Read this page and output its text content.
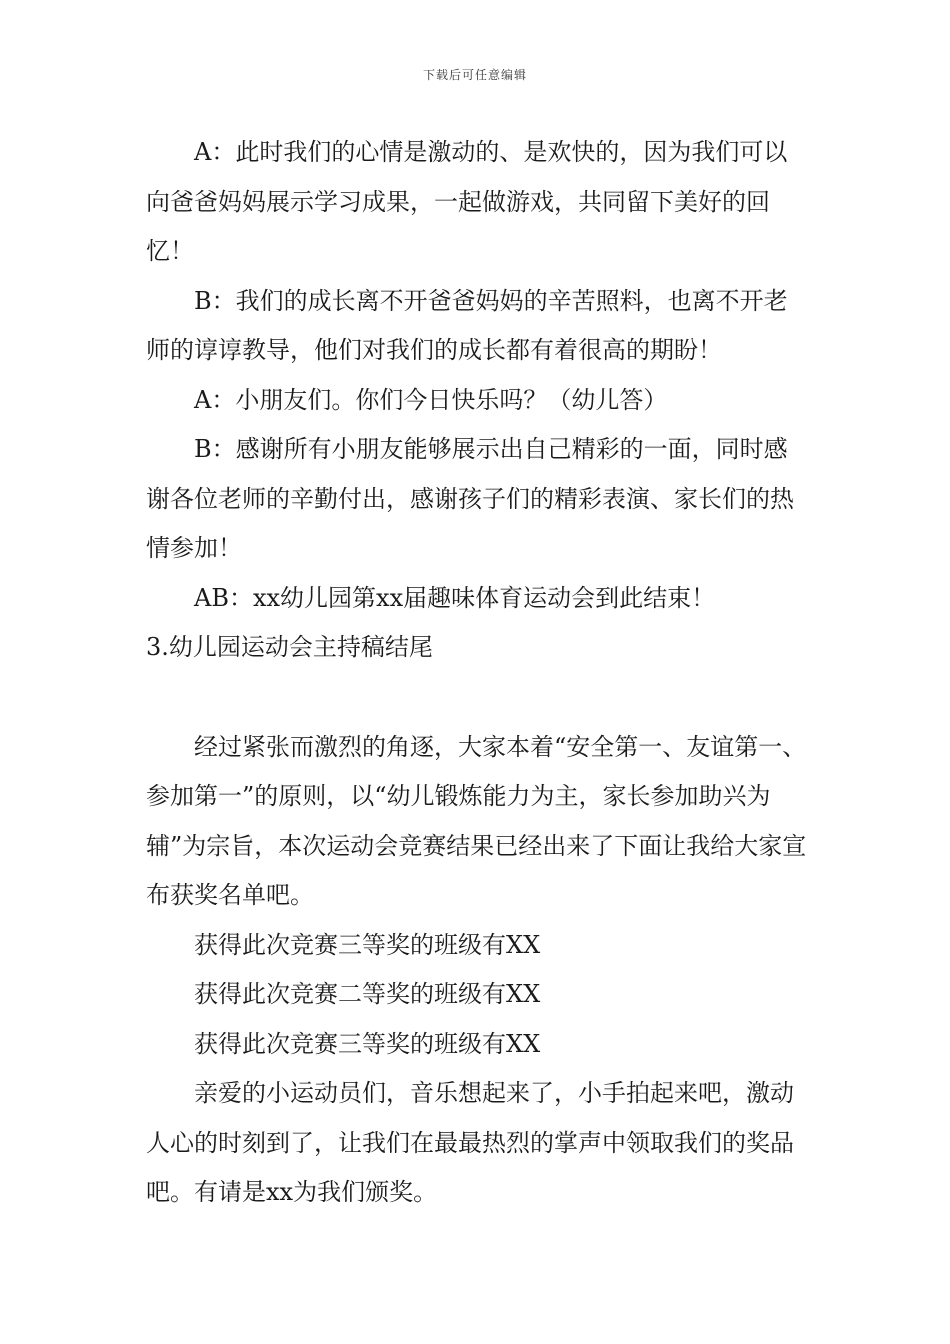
下载后可任意编辑

A：此时我们的心情是激动的、是欢快的，因为我们可以向爸爸妈妈展示学习成果，一起做游戏，共同留下美好的回忆！

B：我们的成长离不开爸爸妈妈的辛苦照料，也离不开老师的谆谆教导，他们对我们的成长都有着很高的期盼！

A：小朋友们。你们今日快乐吗？（幼儿答）

B：感谢所有小朋友能够展示出自己精彩的一面，同时感谢各位老师的辛勤付出，感谢孩子们的精彩表演、家长们的热情参加！

AB：xx幼儿园第xx届趣味体育运动会到此结束！

3.幼儿园运动会主持稿结尾

经过紧张而激烈的角逐，大家本着“安全第一、友谊第一、参加第一”的原则，以“幼儿锻炼能力为主，家长参加助兴为辅”为宗旨，本次运动会竞赛结果已经出来了下面让我给大家宣布获奖名单吧。

获得此次竞赛三等奖的班级有XX

获得此次竞赛二等奖的班级有XX

获得此次竞赛三等奖的班级有XX

亲爱的小运动员们，音乐想起来了，小手拍起来吧，激动人心的时刻到了，让我们在最最热烈的掌声中领取我们的奖品吧。有请是xx为我们颁奖。
